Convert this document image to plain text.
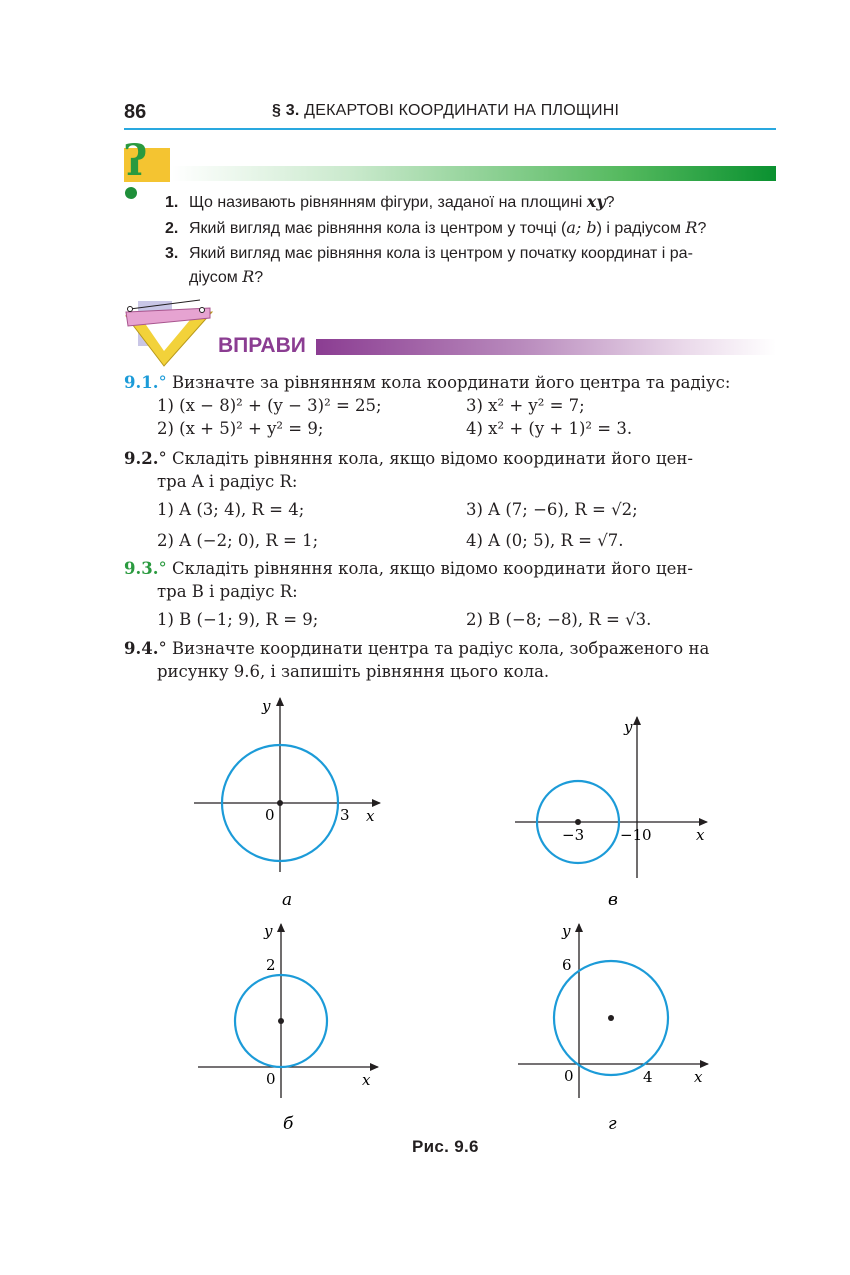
86	§ 3. ДЕКАРТОВІ КООРДИНАТИ НА ПЛОЩИНІ
ʔ
1. Що називають рівнянням фігури, заданої на площині xy?
2. Який вигляд має рівняння кола із центром у точці (a; b) і радіусом R?
3. Який вигляд має рівняння кола із центром у початку координат і ра-
діусом R?
ВПРАВИ
9.1.° Визначте за рівнянням кола координати його центра та радіус:
1) (x − 8)² + (y − 3)² = 25;	3) x² + y² = 7;
2) (x + 5)² + y² = 9;	4) x² + (y + 1)² = 3.
9.2.° Складіть рівняння кола, якщо відомо координати його цен-
тра A і радіус R:
1) A (3; 4), R = 4;	3) A (7; −6), R = √2;
2) A (−2; 0), R = 1;	4) A (0; 5), R = √7.
9.3.° Складіть рівняння кола, якщо відомо координати його цен-
тра B і радіус R:
1) B (−1; 9), R = 9;	2) B (−8; −8), R = √3.
9.4.° Визначте координати центра та радіус кола, зображеного на
рисунку 9.6, і запишіть рівняння цього кола.
0	3 x
y
а
−3 −1 0	x
y
в
2
0	x
y
б
6
0	4	x
y
г
Рис. 9.6
